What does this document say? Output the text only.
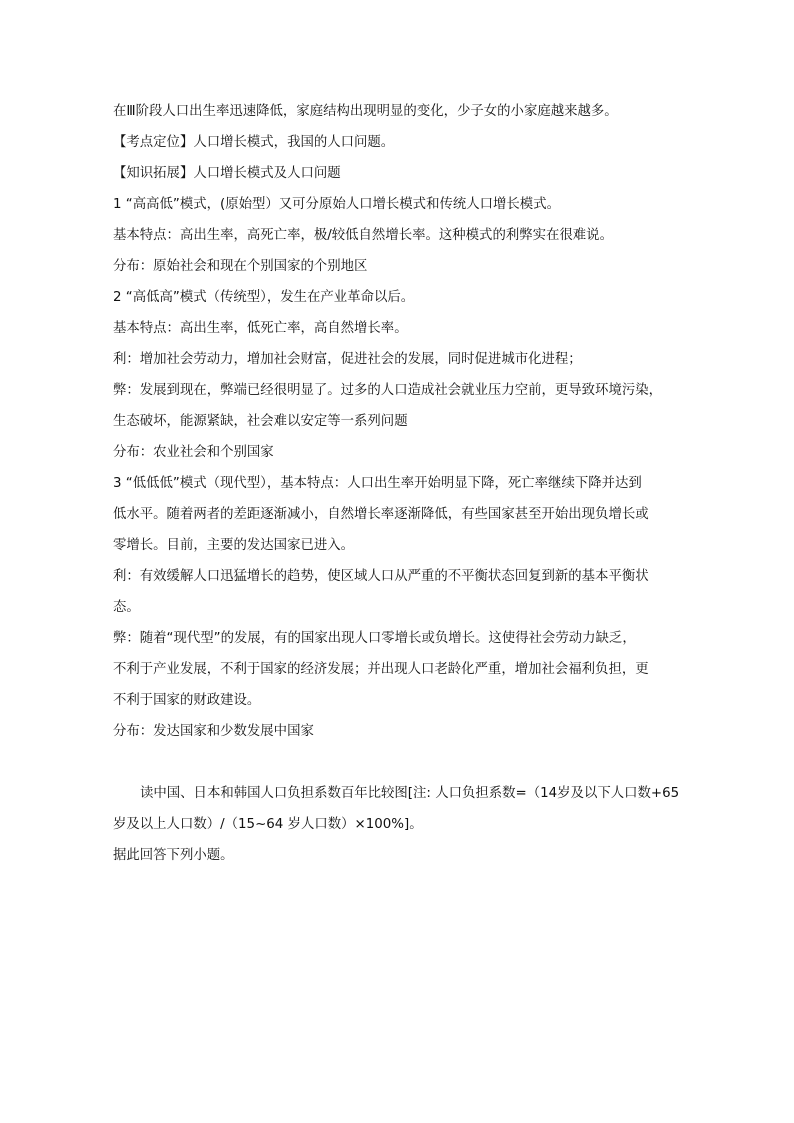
在Ⅲ阶段人口出生率迅速降低，家庭结构出现明显的变化，少子女的小家庭越来越多。
【考点定位】人口增长模式，我国的人口问题。
【知识拓展】人口增长模式及人口问题
1 “高高低”模式，(原始型）又可分原始人口增长模式和传统人口增长模式。
基本特点：高出生率，高死亡率，极/较低自然增长率。这种模式的利弊实在很难说。
分布：原始社会和现在个别国家的个别地区
2 “高低高”模式（传统型），发生在产业革命以后。
基本特点：高出生率，低死亡率，高自然增长率。
利：增加社会劳动力，增加社会财富，促进社会的发展，同时促进城市化进程；
弊：发展到现在，弊端已经很明显了。过多的人口造成社会就业压力空前，更导致环境污染，
生态破坏，能源紧缺，社会难以安定等一系列问题
分布：农业社会和个别国家
3 “低低低”模式（现代型），基本特点：人口出生率开始明显下降，死亡率继续下降并达到
低水平。随着两者的差距逐渐减小，自然增长率逐渐降低，有些国家甚至开始出现负增长或
零增长。目前，主要的发达国家已进入。
利：有效缓解人口迅猛增长的趋势，使区域人口从严重的不平衡状态回复到新的基本平衡状
态。
弊：随着“现代型”的发展，有的国家出现人口零增长或负增长。这使得社会劳动力缺乏，
不利于产业发展，不利于国家的经济发展；并出现人口老龄化严重，增加社会福利负担，更
不利于国家的财政建设。
分布：发达国家和少数发展中国家
读中国、日本和韩国人口负担系数百年比较图[注: 人口负担系数=（14岁及以下人口数+65
岁及以上人口数）/（15~64 岁人口数）×100%]。
据此回答下列小题。
